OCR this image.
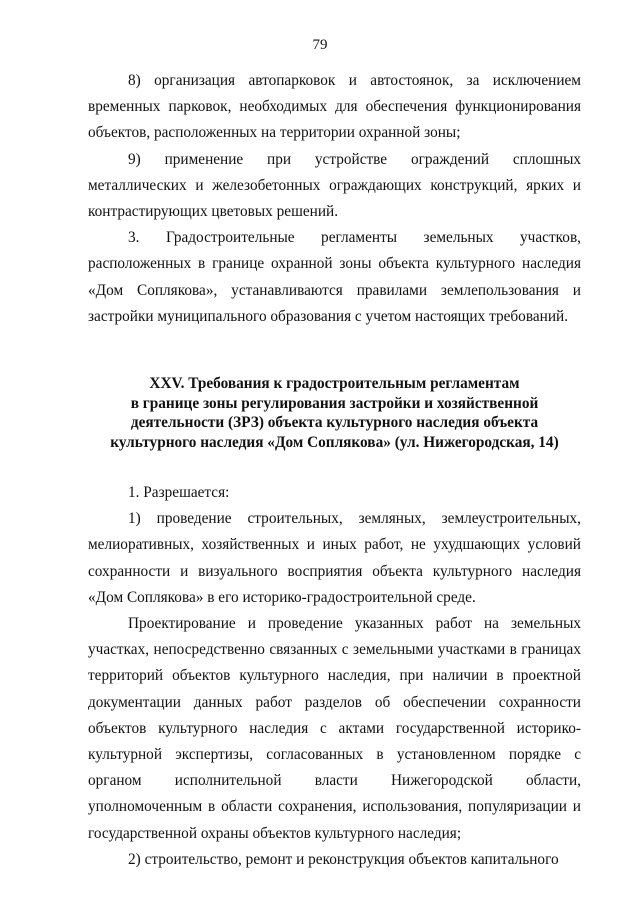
79

8) организация автопарковок и автостоянок, за исключением временных парковок, необходимых для обеспечения функционирования объектов, расположенных на территории охранной зоны;

9) применение при устройстве ограждений сплошных металлических и железобетонных ограждающих конструкций, ярких и контрастирующих цветовых решений.

3. Градостроительные регламенты земельных участков, расположенных в границе охранной зоны объекта культурного наследия «Дом Соплякова», устанавливаются правилами землепользования и застройки муниципального образования с учетом настоящих требований.

XXV. Требования к градостроительным регламентам
в границе зоны регулирования застройки и хозяйственной
деятельности (ЗРЗ) объекта культурного наследия объекта
культурного наследия «Дом Соплякова» (ул. Нижегородская, 14)

1. Разрешается:

1) проведение строительных, земляных, землеустроительных, мелиоративных, хозяйственных и иных работ, не ухудшающих условий сохранности и визуального восприятия объекта культурного наследия «Дом Соплякова» в его историко-градостроительной среде.

Проектирование и проведение указанных работ на земельных участках, непосредственно связанных с земельными участками в границах территорий объектов культурного наследия, при наличии в проектной документации данных работ разделов об обеспечении сохранности объектов культурного наследия с актами государственной историко-культурной экспертизы, согласованных в установленном порядке с органом исполнительной власти Нижегородской области, уполномоченным в области сохранения, использования, популяризации и государственной охраны объектов культурного наследия;

2) строительство, ремонт и реконструкция объектов капитального
